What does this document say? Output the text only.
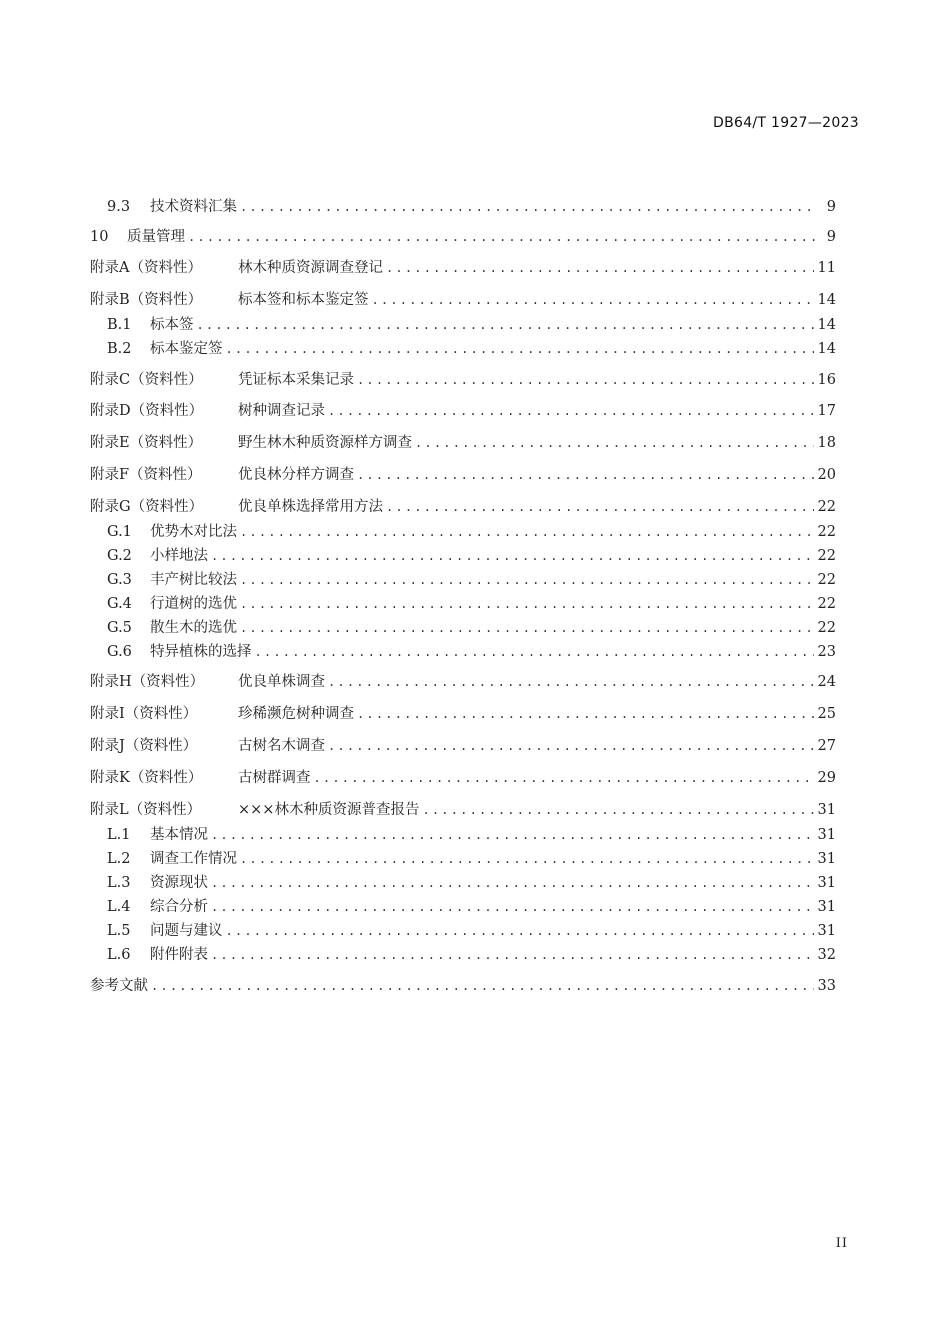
DB64/T 1927—2023
9.3	技术资料汇集 .....	9
10	质量管理 .....	9
附录A（资料性）	林木种质资源调查登记 .....	11
附录B（资料性）	标本签和标本鉴定签 .....	14
B.1	标本签 .....	14
B.2	标本鉴定签 .....	14
附录C（资料性）	凭证标本采集记录 .....	16
附录D（资料性）	树种调查记录 .....	17
附录E（资料性）	野生林木种质资源样方调查 .....	18
附录F（资料性）	优良林分样方调查 .....	20
附录G（资料性）	优良单株选择常用方法 .....	22
G.1	优势木对比法 .....	22
G.2	小样地法 .....	22
G.3	丰产树比较法 .....	22
G.4	行道树的选优 .....	22
G.5	散生木的选优 .....	22
G.6	特异植株的选择 .....	23
附录H（资料性）	优良单株调查 .....	24
附录I（资料性）	珍稀濒危树种调查 .....	25
附录J（资料性）	古树名木调查 .....	27
附录K（资料性）	古树群调查 .....	29
附录L（资料性）	×××林木种质资源普查报告 .....	31
L.1	基本情况 .....	31
L.2	调查工作情况 .....	31
L.3	资源现状 .....	31
L.4	综合分析 .....	31
L.5	问题与建议 .....	31
L.6	附件附表 .....	32
参考文献 .....	33
II
